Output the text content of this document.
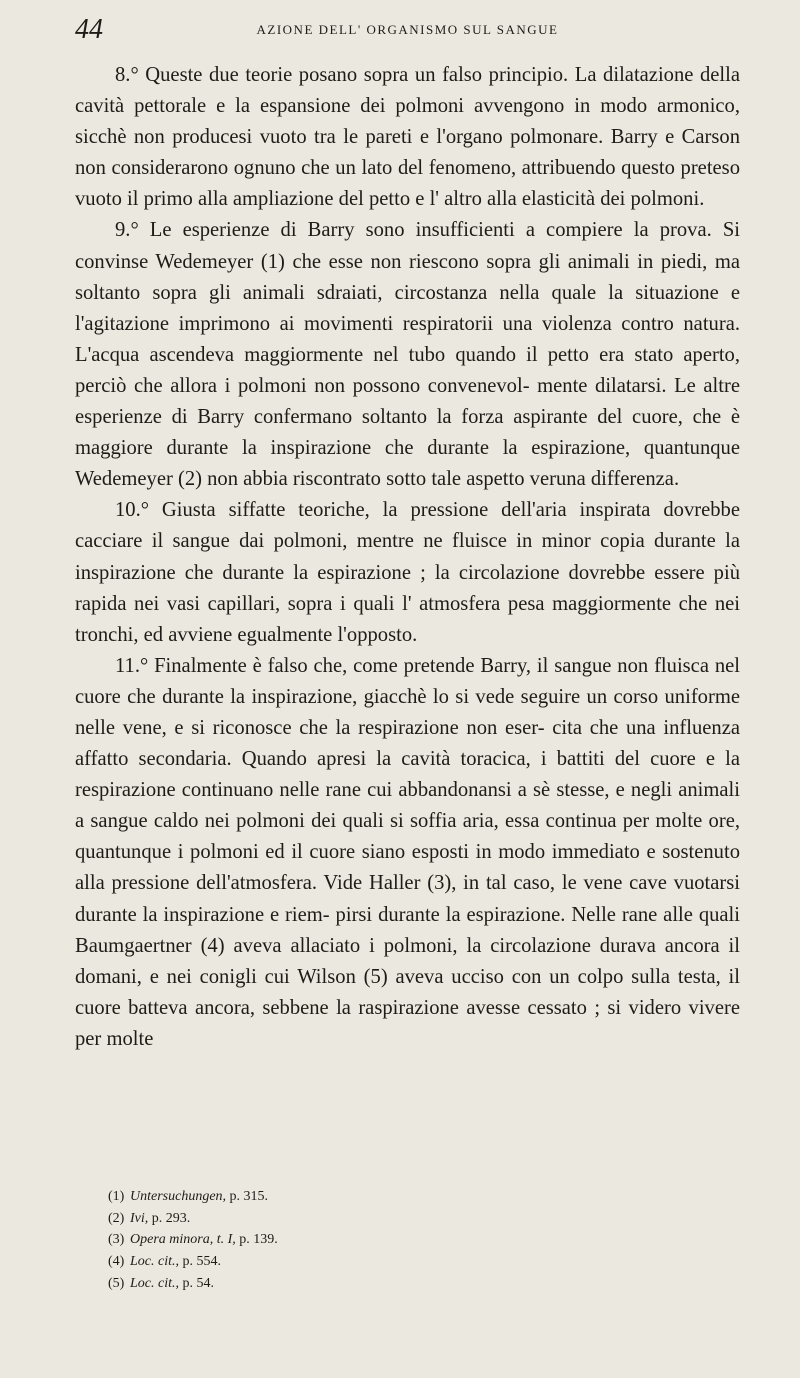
44	AZIONE DELL' ORGANISMO SUL SANGUE

8.° Queste due teorie posano sopra un falso principio. La dilatazione della cavità pettorale e la espansione dei polmoni avvengono in modo armonico, sicchè non producesi vuoto tra le pareti e l'organo polmonare. Barry e Carson non considerarono ognuno che un lato del fenomeno, attribuendo questo preteso vuoto il primo alla ampliazione del petto e l' altro alla elasticità dei polmoni.

9.° Le esperienze di Barry sono insufficienti a compiere la prova. Si convinse Wedemeyer (1) che esse non riescono sopra gli animali in piedi, ma soltanto sopra gli animali sdraiati, circostanza nella quale la situazione e l'agitazione imprimono ai movimenti respiratorii una violenza contro natura. L'acqua ascendeva maggiormente nel tubo quando il petto era stato aperto, perciò che allora i polmoni non possono convenevol- mente dilatarsi. Le altre esperienze di Barry confermano soltanto la forza aspirante del cuore, che è maggiore durante la inspirazione che durante la espirazione, quantunque Wedemeyer (2) non abbia riscontrato sotto tale aspetto veruna differenza.

10.° Giusta siffatte teoriche, la pressione dell'aria inspirata dovrebbe cacciare il sangue dai polmoni, mentre ne fluisce in minor copia durante la inspirazione che durante la espirazione ; la circolazione dovrebbe essere più rapida nei vasi capillari, sopra i quali l' atmosfera pesa maggiormente che nei tronchi, ed avviene egualmente l'opposto.

11.° Finalmente è falso che, come pretende Barry, il sangue non fluisca nel cuore che durante la inspirazione, giacchè lo si vede seguire un corso uniforme nelle vene, e si riconosce che la respirazione non eser- cita che una influenza affatto secondaria. Quando apresi la cavità toracica, i battiti del cuore e la respirazione continuano nelle rane cui abbandonansi a sè stesse, e negli animali a sangue caldo nei polmoni dei quali si soffia aria, essa continua per molte ore, quantunque i polmoni ed il cuore siano esposti in modo immediato e sostenuto alla pressione dell'atmosfera. Vide Haller (3), in tal caso, le vene cave vuotarsi durante la inspirazione e riem- pirsi durante la espirazione. Nelle rane alle quali Baumgaertner (4) aveva allaciato i polmoni, la circolazione durava ancora il domani, e nei conigli cui Wilson (5) aveva ucciso con un colpo sulla testa, il cuore batteva ancora, sebbene la raspirazione avesse cessato ; si videro vivere per molte

(1) Untersuchungen, p. 315.

(2) Ivi, p. 293.

(3) Opera minora, t. I, p. 139.

(4) Loc. cit., p. 554.

(5) Loc. cit., p. 54.
